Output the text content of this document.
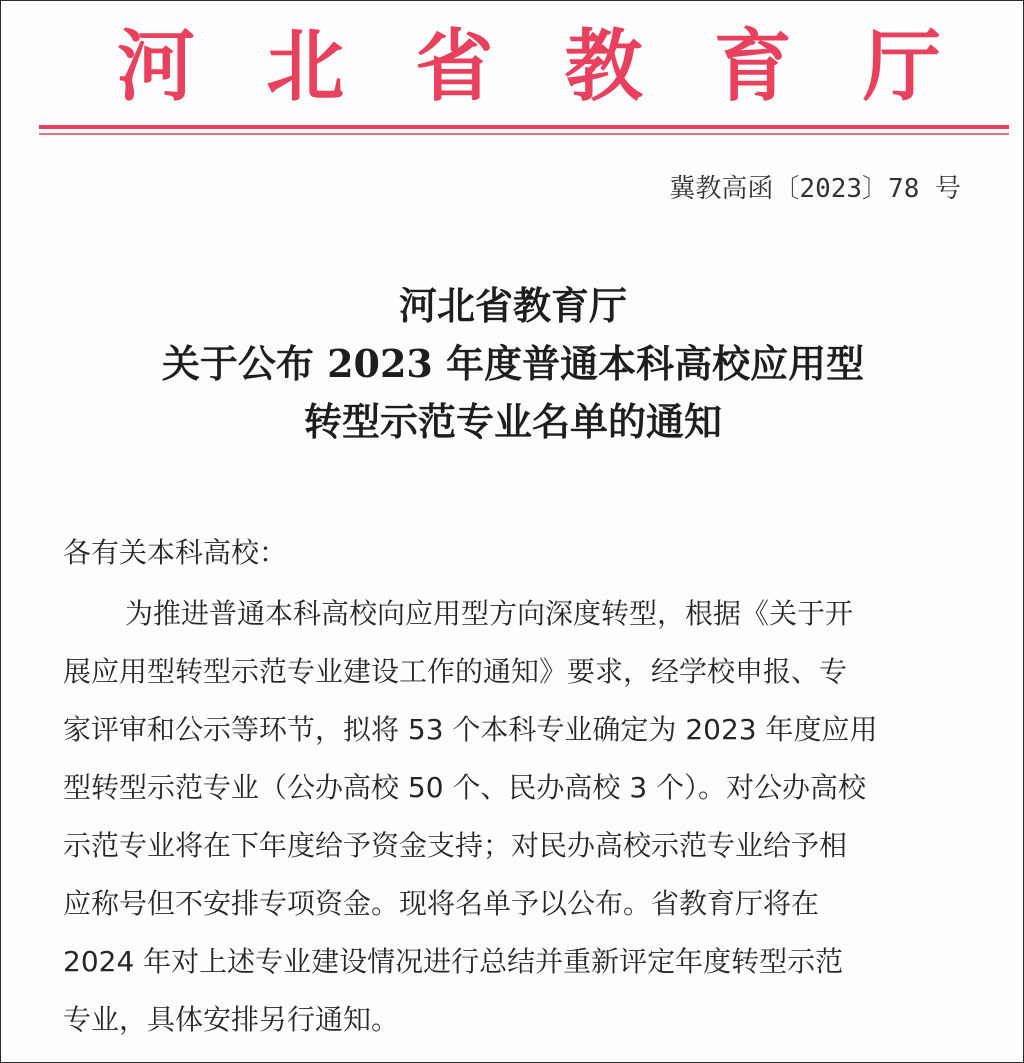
河 北 省 教 育 厅
冀教高函〔2023〕78 号
河北省教育厅
关于公布 2023 年度普通本科高校应用型
转型示范专业名单的通知
各有关本科高校：
为推进普通本科高校向应用型方向深度转型，根据《关于开
展应用型转型示范专业建设工作的通知》要求，经学校申报、专
家评审和公示等环节，拟将 53 个本科专业确定为 2023 年度应用
型转型示范专业（公办高校 50 个、民办高校 3 个）。对公办高校
示范专业将在下年度给予资金支持；对民办高校示范专业给予相
应称号但不安排专项资金。现将名单予以公布。省教育厅将在
2024 年对上述专业建设情况进行总结并重新评定年度转型示范
专业，具体安排另行通知。
